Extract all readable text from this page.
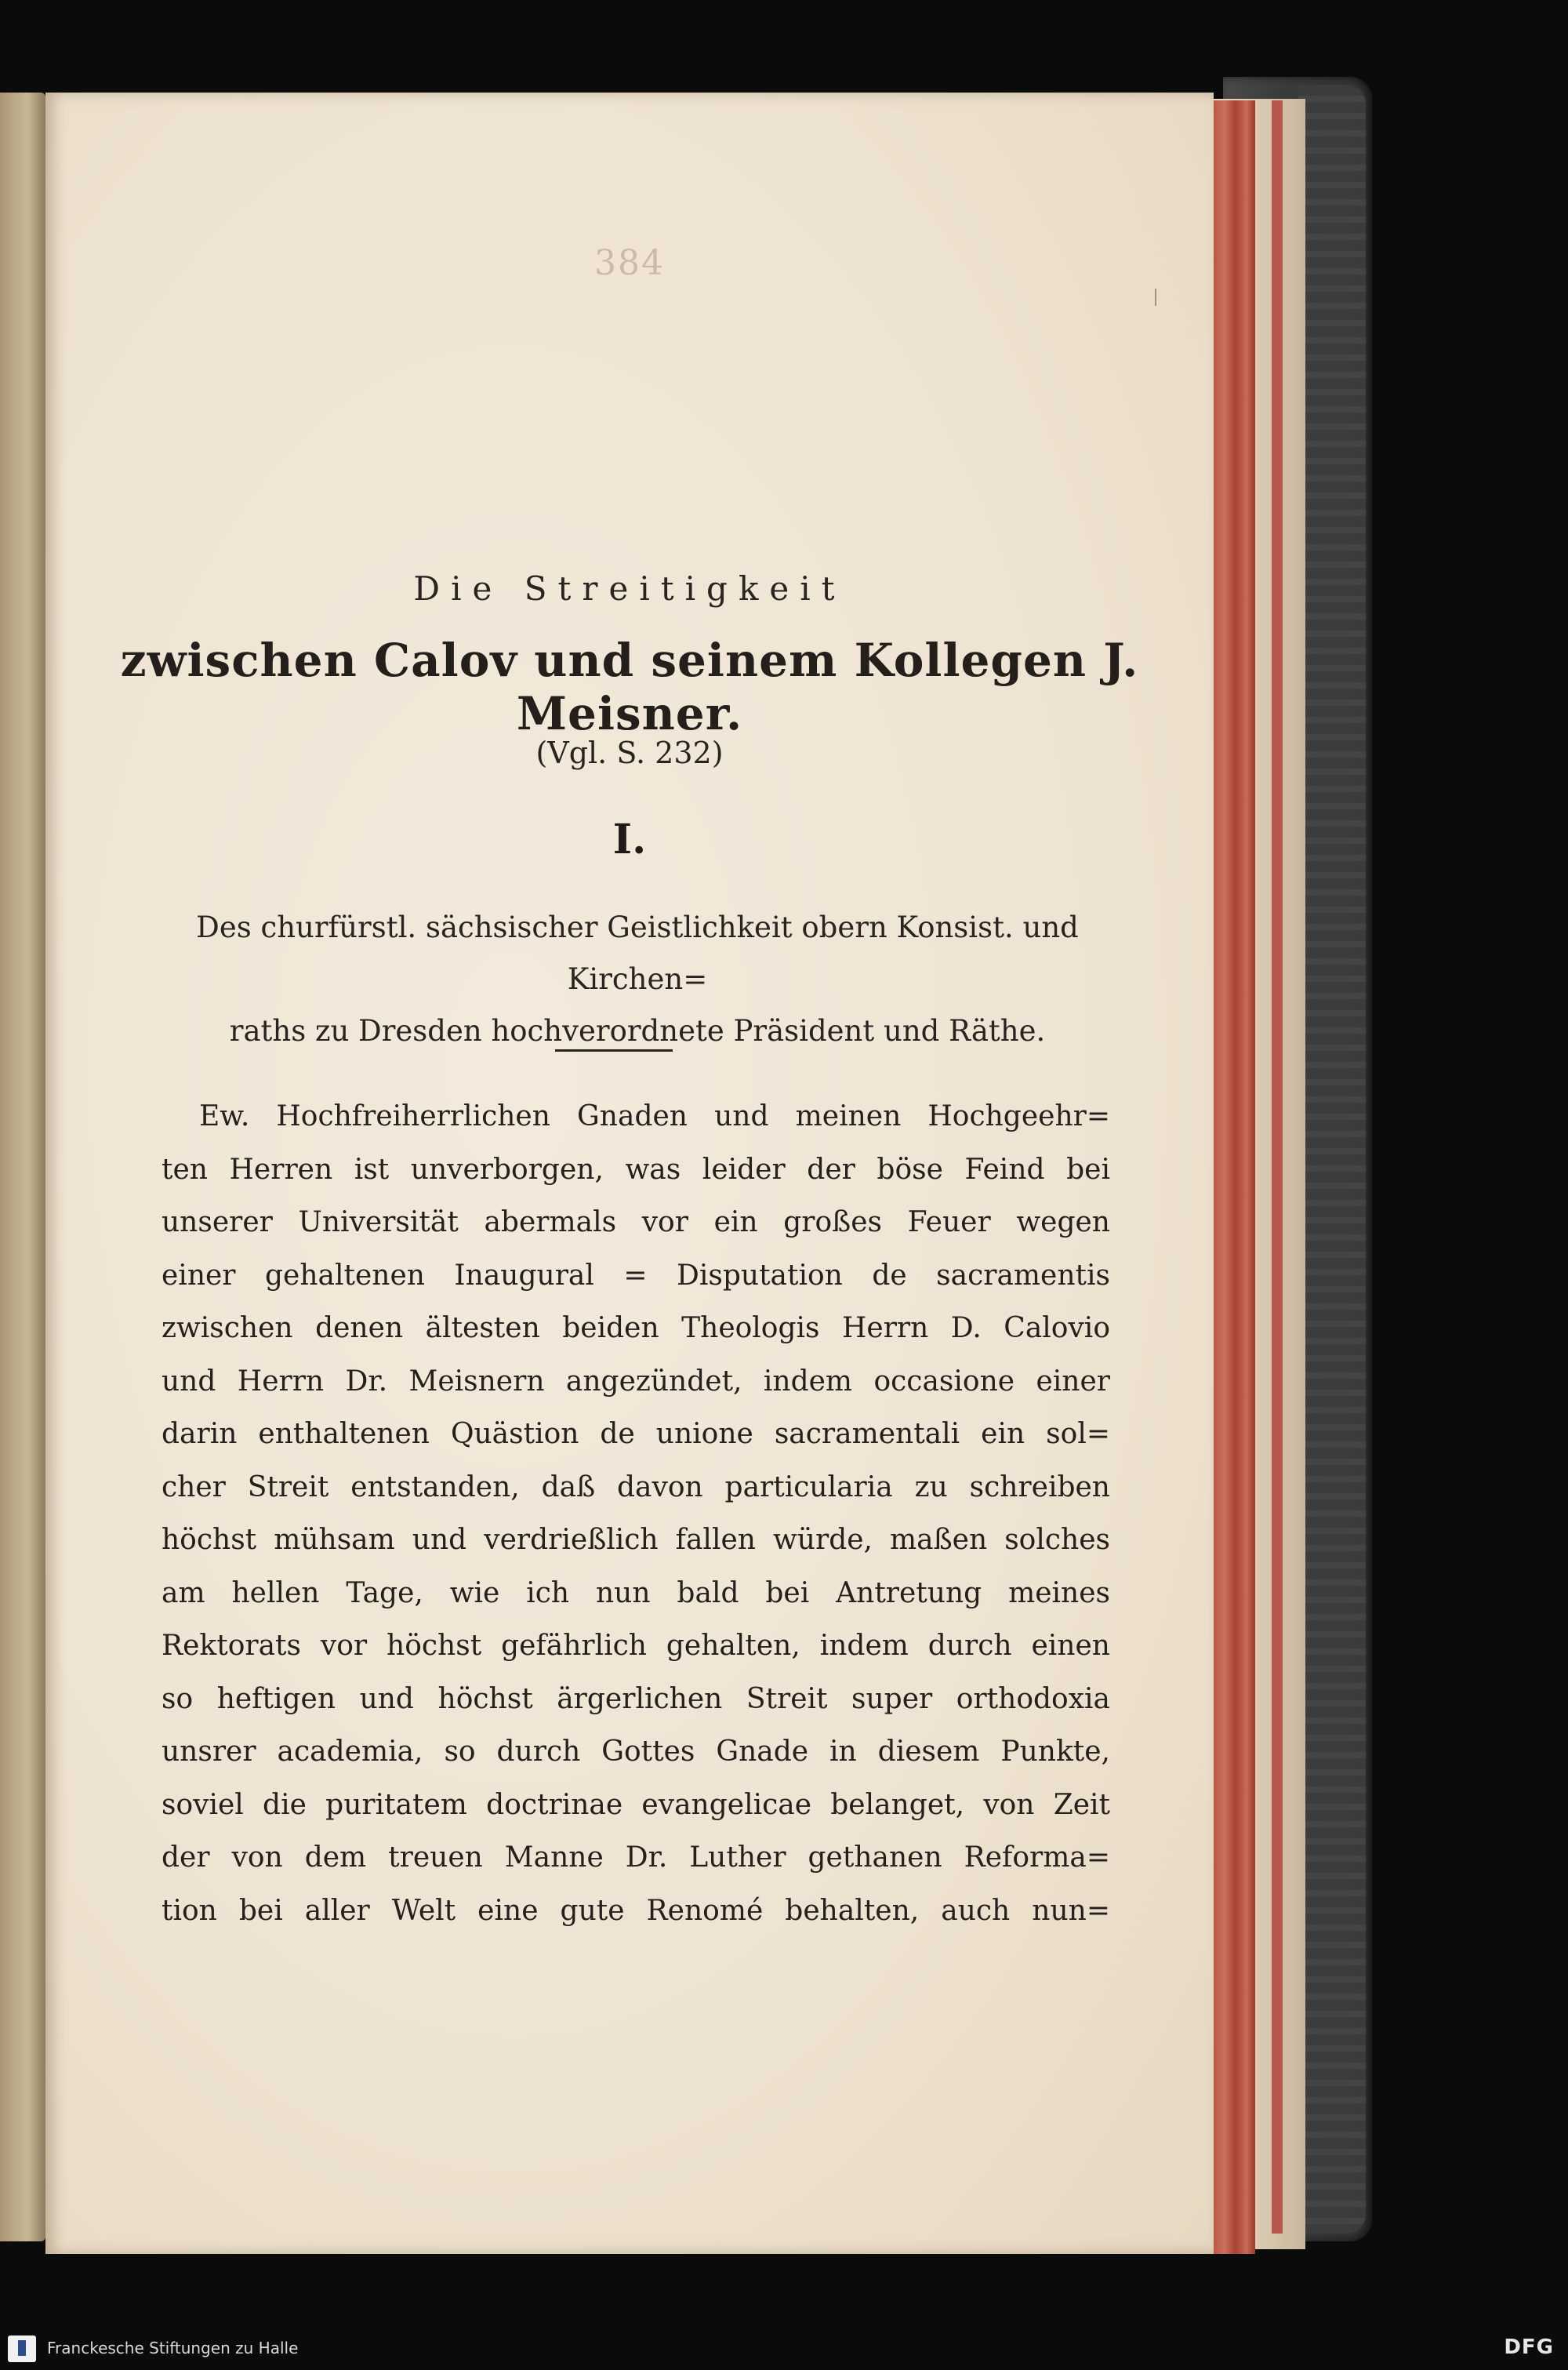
384
Die Streitigkeit
zwischen Calov und seinem Kollegen J. Meisner.
(Vgl. S. 232)
I.
Des churfürstl. sächsischer Geistlichkeit obern Konsist. und Kirchen=
raths zu Dresden hochverordnete Präsident und Räthe.
Ew. Hochfreiherrlichen Gnaden und meinen Hochgeehr=
ten Herren ist unverborgen, was leider der böse Feind bei
unserer Universität abermals vor ein großes Feuer wegen
einer gehaltenen Inaugural = Disputation de sacramentis
zwischen denen ältesten beiden Theologis Herrn D. Calovio
und Herrn Dr. Meisnern angezündet, indem occasione einer
darin enthaltenen Quästion de unione sacramentali ein sol=
cher Streit entstanden, daß davon particularia zu schreiben
höchst mühsam und verdrießlich fallen würde, maßen solches
am hellen Tage, wie ich nun bald bei Antretung meines
Rektorats vor höchst gefährlich gehalten, indem durch einen
so heftigen und höchst ärgerlichen Streit super orthodoxia
unsrer academia, so durch Gottes Gnade in diesem Punkte,
soviel die puritatem doctrinae evangelicae belanget, von Zeit
der von dem treuen Manne Dr. Luther gethanen Reforma=
tion bei aller Welt eine gute Renomé behalten, auch nun=
Franckesche Stiftungen zu Halle	DFG
